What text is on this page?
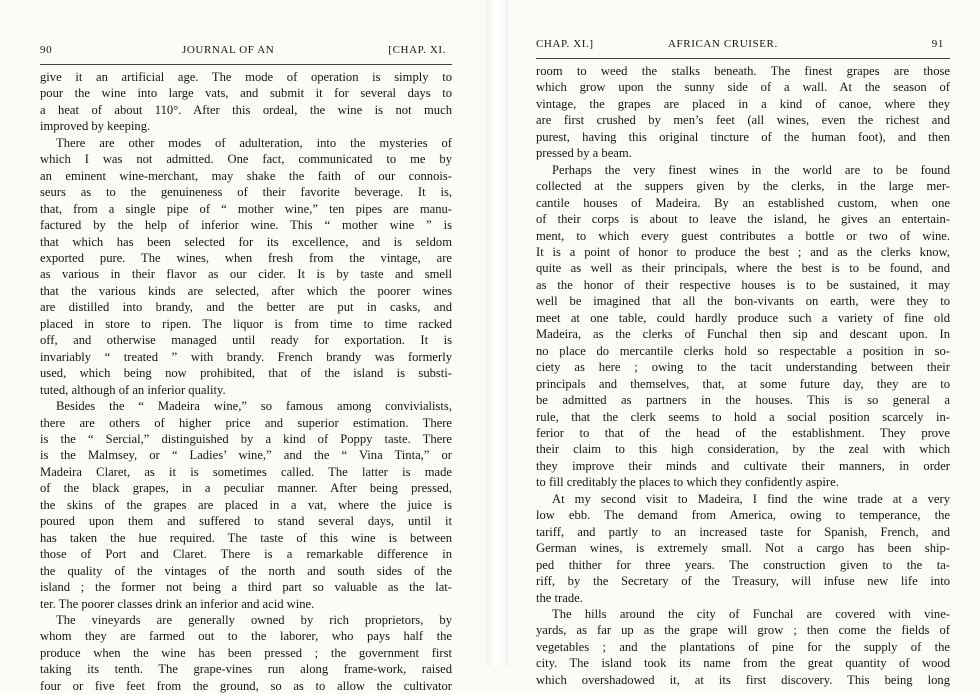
90	JOURNAL OF AN	[CHAP. XI.
give it an artificial age. The mode of operation is simply to
pour the wine into large vats, and submit it for several days to
a heat of about 110°. After this ordeal, the wine is not much
improved by keeping.
There are other modes of adulteration, into the mysteries of
which I was not admitted. One fact, communicated to me by
an eminent wine-merchant, may shake the faith of our connois-
seurs as to the genuineness of their favorite beverage. It is,
that, from a single pipe of “ mother wine,” ten pipes are manu-
factured by the help of inferior wine. This “ mother wine ” is
that which has been selected for its excellence, and is seldom
exported pure. The wines, when fresh from the vintage, are
as various in their flavor as our cider. It is by taste and smell
that the various kinds are selected, after which the poorer wines
are distilled into brandy, and the better are put in casks, and
placed in store to ripen. The liquor is from time to time racked
off, and otherwise managed until ready for exportation. It is
invariably “ treated ” with brandy. French brandy was formerly
used, which being now prohibited, that of the island is substi-
tuted, although of an inferior quality.
Besides the “ Madeira wine,” so famous among convivialists,
there are others of higher price and superior estimation. There
is the “ Sercial,” distinguished by a kind of Poppy taste. There
is the Malmsey, or “ Ladies’ wine,” and the “ Vina Tinta,” or
Madeira Claret, as it is sometimes called. The latter is made
of the black grapes, in a peculiar manner. After being pressed,
the skins of the grapes are placed in a vat, where the juice is
poured upon them and suffered to stand several days, until it
has taken the hue required. The taste of this wine is between
those of Port and Claret. There is a remarkable difference in
the quality of the vintages of the north and south sides of the
island ; the former not being a third part so valuable as the lat-
ter. The poorer classes drink an inferior and acid wine.
The vineyards are generally owned by rich proprietors, by
whom they are farmed out to the laborer, who pays half the
produce when the wine has been pressed ; the government first
taking its tenth. The grape-vines run along frame-work, raised
four or five feet from the ground, so as to allow the cultivator
CHAP. XI.]	AFRICAN CRUISER.	91
room to weed the stalks beneath. The finest grapes are those
which grow upon the sunny side of a wall. At the season of
vintage, the grapes are placed in a kind of canoe, where they
are first crushed by men’s feet (all wines, even the richest and
purest, having this original tincture of the human foot), and then
pressed by a beam.
Perhaps the very finest wines in the world are to be found
collected at the suppers given by the clerks, in the large mer-
cantile houses of Madeira. By an established custom, when one
of their corps is about to leave the island, he gives an entertain-
ment, to which every guest contributes a bottle or two of wine.
It is a point of honor to produce the best ; and as the clerks know,
quite as well as their principals, where the best is to be found, and
as the honor of their respective houses is to be sustained, it may
well be imagined that all the bon-vivants on earth, were they to
meet at one table, could hardly produce such a variety of fine old
Madeira, as the clerks of Funchal then sip and descant upon. In
no place do mercantile clerks hold so respectable a position in so-
ciety as here ; owing to the tacit understanding between their
principals and themselves, that, at some future day, they are to
be admitted as partners in the houses. This is so general a
rule, that the clerk seems to hold a social position scarcely in-
ferior to that of the head of the establishment. They prove
their claim to this high consideration, by the zeal with which
they improve their minds and cultivate their manners, in order
to fill creditably the places to which they confidently aspire.
At my second visit to Madeira, I find the wine trade at a very
low ebb. The demand from America, owing to temperance, the
tariff, and partly to an increased taste for Spanish, French, and
German wines, is extremely small. Not a cargo has been ship-
ped thither for three years. The construction given to the ta-
riff, by the Secretary of the Treasury, will infuse new life into
the trade.
The hills around the city of Funchal are covered with vine-
yards, as far up as the grape will grow ; then come the fields of
vegetables ; and the plantations of pine for the supply of the
city. The island took its name from the great quantity of wood
which overshadowed it, at its first discovery. This being long
